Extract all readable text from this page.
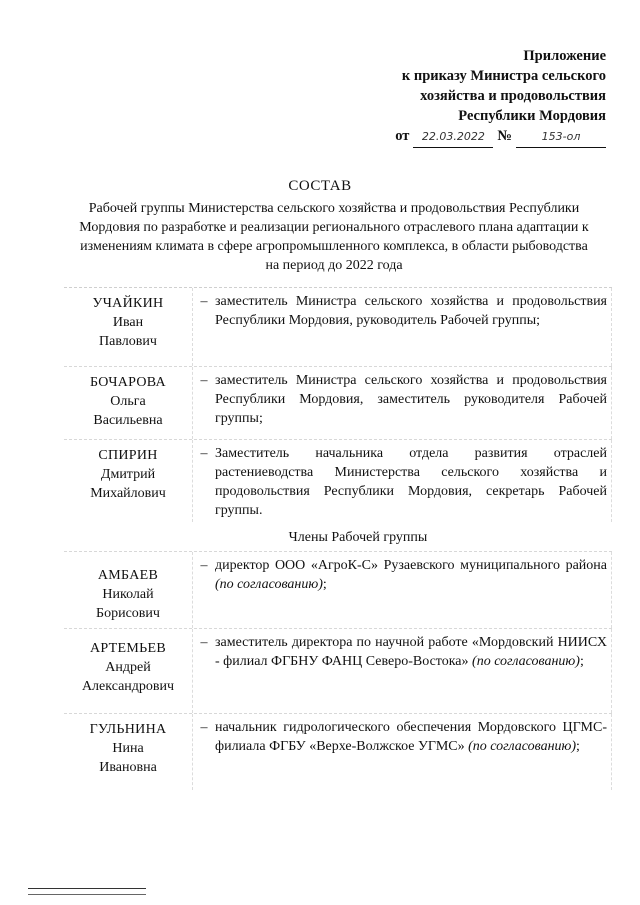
Приложение
к приказу Министра сельского
хозяйства и продовольствия
Республики Мордовия
от	22.03.2022 №	153-ол
СОСТАВ
Рабочей группы Министерства сельского хозяйства и продовольствия Республики Мордовия по разработке и реализации регионального отраслевого плана адаптации к изменениям климата в сфере агропромышленного комплекса, в области рыбоводства на период до 2022 года
УЧАЙКИН
Иван
Павлович
– заместитель Министра сельского хозяйства и продовольствия Республики Мордовия, руководитель Рабочей группы;
БОЧАРОВА
Ольга
Васильевна
– заместитель Министра сельского хозяйства и продовольствия Республики Мордовия, заместитель руководителя Рабочей группы;
СПИРИН
Дмитрий
Михайлович
– Заместитель начальника отдела развития отраслей растениеводства Министерства сельского хозяйства и продовольствия Республики Мордовия, секретарь Рабочей группы.
Члены Рабочей группы
АМБАЕВ
Николай
Борисович
– директор ООО «АгроК-С» Рузаевского муниципального района (по согласованию);
АРТЕМЬЕВ
Андрей
Александрович
– заместитель директора по научной работе «Мордовский НИИСХ - филиал ФГБНУ ФАНЦ Северо-Востока» (по согласованию);
ГУЛЬНИНА
Нина
Ивановна
– начальник гидрологического обеспечения Мордовского ЦГМС-филиала ФГБУ «Верхе-Волжское УГМС» (по согласованию);
